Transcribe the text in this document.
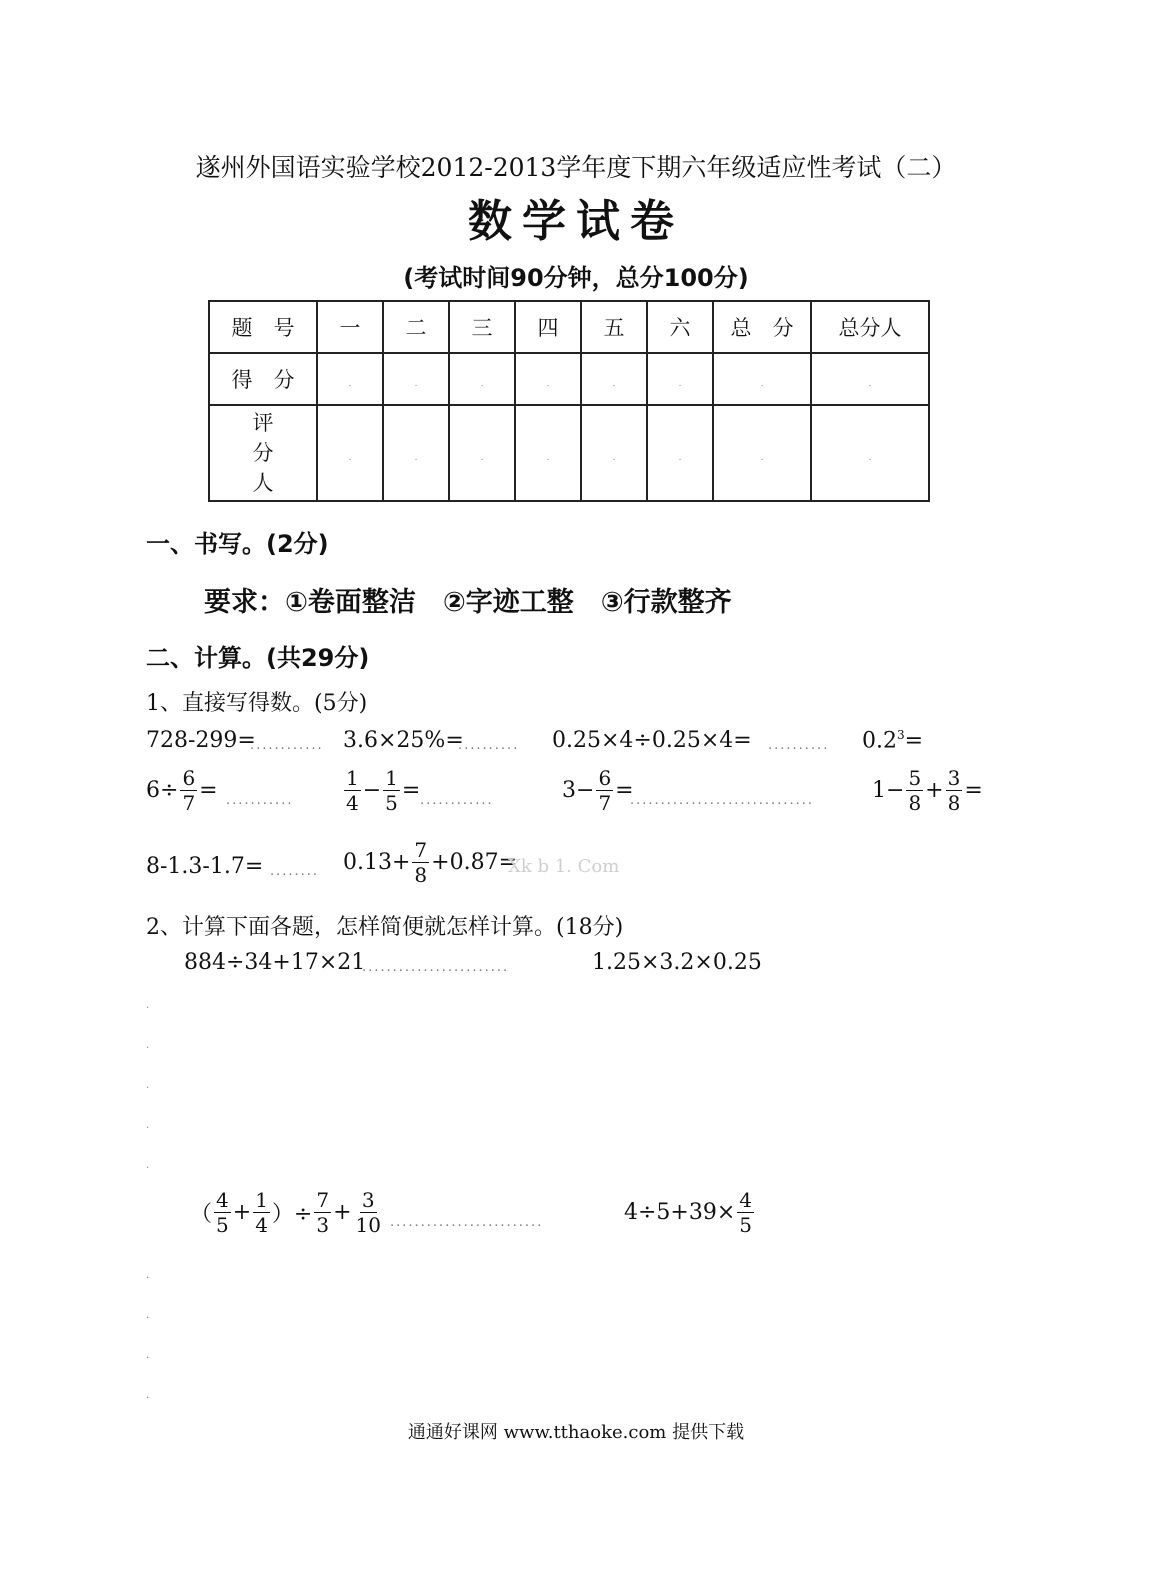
遂州外国语实验学校2012-2013学年度下期六年级适应性考试（二）
数学试卷
(考试时间90分钟，总分100分)
题　号	一	二	三	四	五	六	总　分	总分人
得　分	.	.	.	.	.	.	.	.

评
分
人	.	.	.	.	.	.	.	.
一、书写。(2分)
要求：①卷面整洁　②字迹工整　③行款整齐
二、计算。(共29分)
1、直接写得数。(5分)
728-299=
............ 3.6×25%=
.......... 0.25×4÷0.25×4= .......... $0.2^3=$
$6\div \frac{6}{7}$ = ...........	$\frac{1}{4} - \frac{1}{5}$ = ............	$3- \frac{6}{7}$ =
..............................	$1- \frac{5}{8} + \frac{3}{8}$ =
8-1.3-1.7= ........ $0.13+ \frac{7}{8} +0.87=$
Xk b 1. Com
2、计算下面各题，怎样简便就怎样计算。(18分)
884÷34+17×21
........................	1.25×3.2×0.25
.
.
.
.
.
（ $\frac{4}{5} + \frac{1}{4}$ ）÷ $\frac{7}{3} + \frac{3}{10}$ .........................	$4\div 5+39\times \frac{4}{5}$
.
.
.
.
通通好课网 www.tthaoke.com 提供下载
